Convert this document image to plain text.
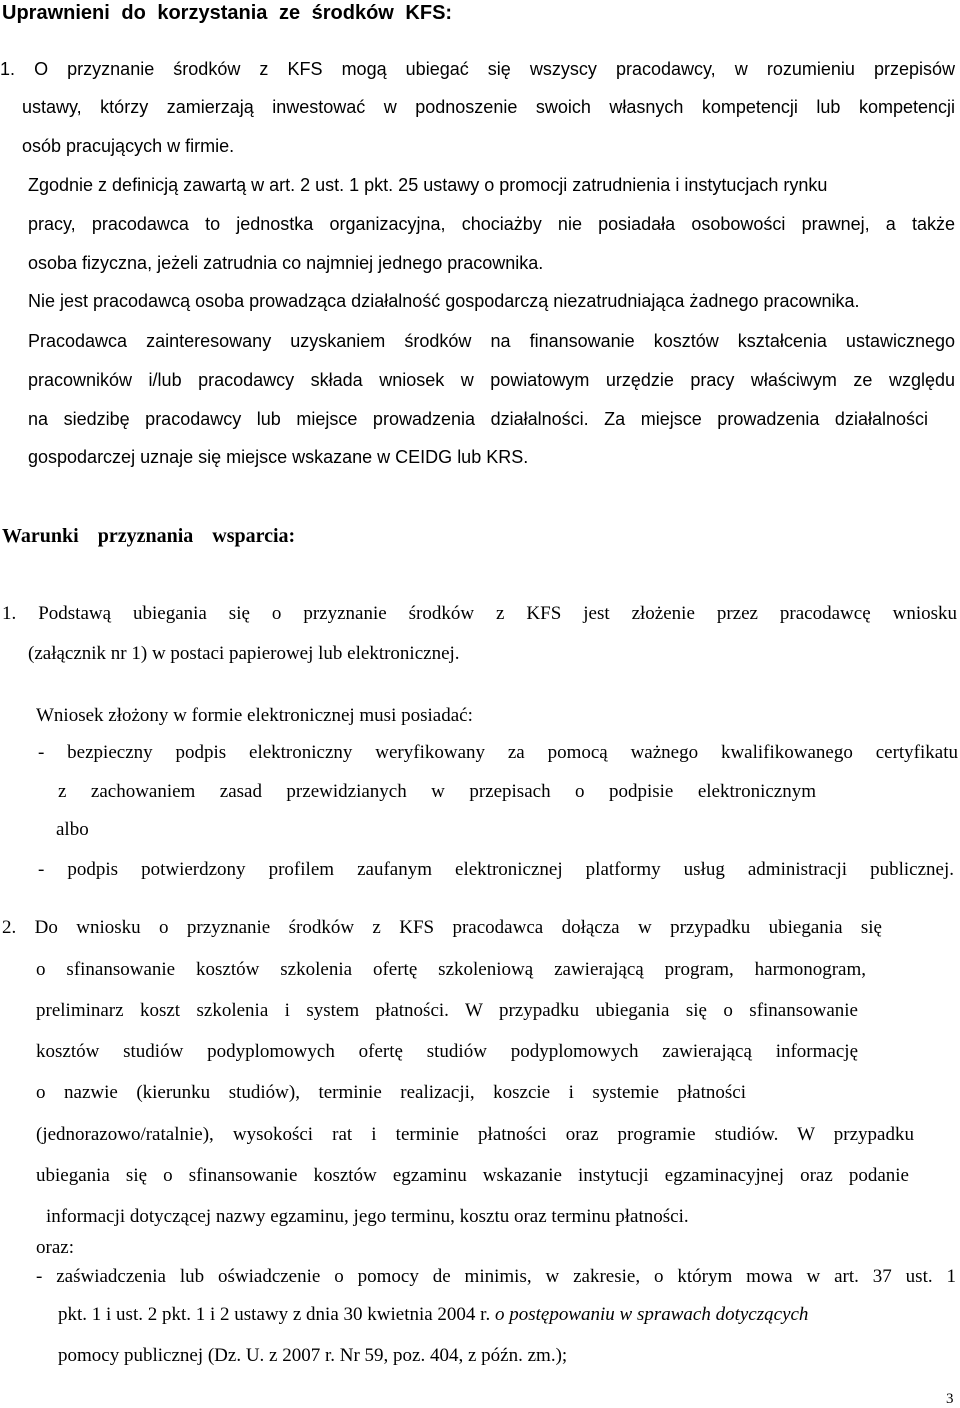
Uprawnieni do korzystania ze środków KFS:
1. O przyznanie środków z KFS mogą ubiegać się wszyscy pracodawcy, w rozumieniu przepisów
ustawy, którzy zamierzają inwestować w podnoszenie swoich własnych kompetencji lub kompetencji
osób pracujących w firmie.
Zgodnie z definicją zawartą w art. 2 ust. 1 pkt. 25 ustawy o promocji zatrudnienia i instytucjach rynku
pracy, pracodawca to jednostka organizacyjna, chociażby nie posiadała osobowości prawnej, a także
osoba fizyczna, jeżeli zatrudnia co najmniej jednego pracownika.
Nie jest pracodawcą osoba prowadząca działalność gospodarczą niezatrudniająca żadnego pracownika.
Pracodawca zainteresowany uzyskaniem środków na finansowanie kosztów kształcenia ustawicznego
pracowników i/lub pracodawcy składa wniosek w powiatowym urzędzie pracy właściwym ze względu
na siedzibę pracodawcy lub miejsce prowadzenia działalności. Za miejsce prowadzenia działalności
gospodarczej uznaje się miejsce wskazane w CEIDG lub KRS.
Warunki przyznania wsparcia:
1. Podstawą ubiegania się o przyznanie środków z KFS jest złożenie przez pracodawcę wniosku
(załącznik nr 1) w postaci papierowej lub elektronicznej.
Wniosek złożony w formie elektronicznej musi posiadać:
- bezpieczny podpis elektroniczny weryfikowany za pomocą ważnego kwalifikowanego certyfikatu
z zachowaniem zasad przewidzianych w przepisach o podpisie elektronicznym
albo
- podpis potwierdzony profilem zaufanym elektronicznej platformy usług administracji publicznej.
2. Do wniosku o przyznanie środków z KFS pracodawca dołącza w przypadku ubiegania się
o sfinansowanie kosztów szkolenia ofertę szkoleniową zawierającą program, harmonogram,
preliminarz koszt szkolenia i system płatności. W przypadku ubiegania się o sfinansowanie
kosztów studiów podyplomowych ofertę studiów podyplomowych zawierającą informację
o nazwie (kierunku studiów), terminie realizacji, koszcie i systemie płatności
(jednorazowo/ratalnie), wysokości rat i terminie płatności oraz programie studiów. W przypadku
ubiegania się o sfinansowanie kosztów egzaminu wskazanie instytucji egzaminacyjnej oraz podanie
informacji dotyczącej nazwy egzaminu, jego terminu, kosztu oraz terminu płatności.
oraz:
- zaświadczenia lub oświadczenie o pomocy de minimis, w zakresie, o którym mowa w art. 37 ust. 1
pkt. 1 i ust. 2 pkt. 1 i 2 ustawy z dnia 30 kwietnia 2004 r. o postępowaniu w sprawach dotyczących
pomocy publicznej (Dz. U. z 2007 r. Nr 59, poz. 404, z późn. zm.);
3
